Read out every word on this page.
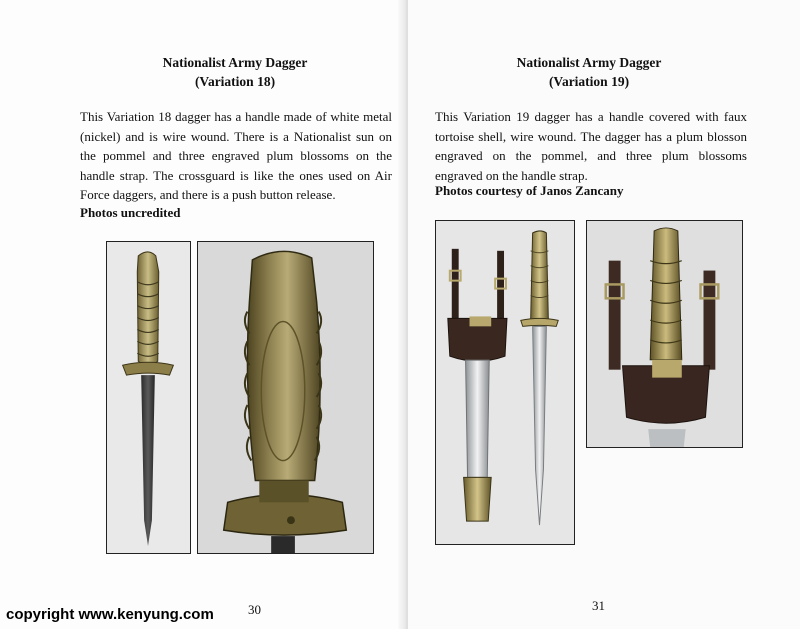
Nationalist Army Dagger
(Variation 18)
This Variation 18 dagger has a handle made of white metal
(nickel) and is wire wound. There is a Nationalist sun on
the pommel and three engraved plum blossoms on the
handle strap. The crossguard is like the ones used on Air
Force daggers, and there is a push button release.
Photos uncredited
30
Nationalist Army Dagger
(Variation 19)
This Variation 19 dagger has a handle covered with faux
tortoise shell, wire wound. The dagger has a plum blosson
engraved on the pommel, and three plum blossoms
engraved on the handle strap.
Photos courtesy of Janos Zancany
31
copyright www.kenyung.com
